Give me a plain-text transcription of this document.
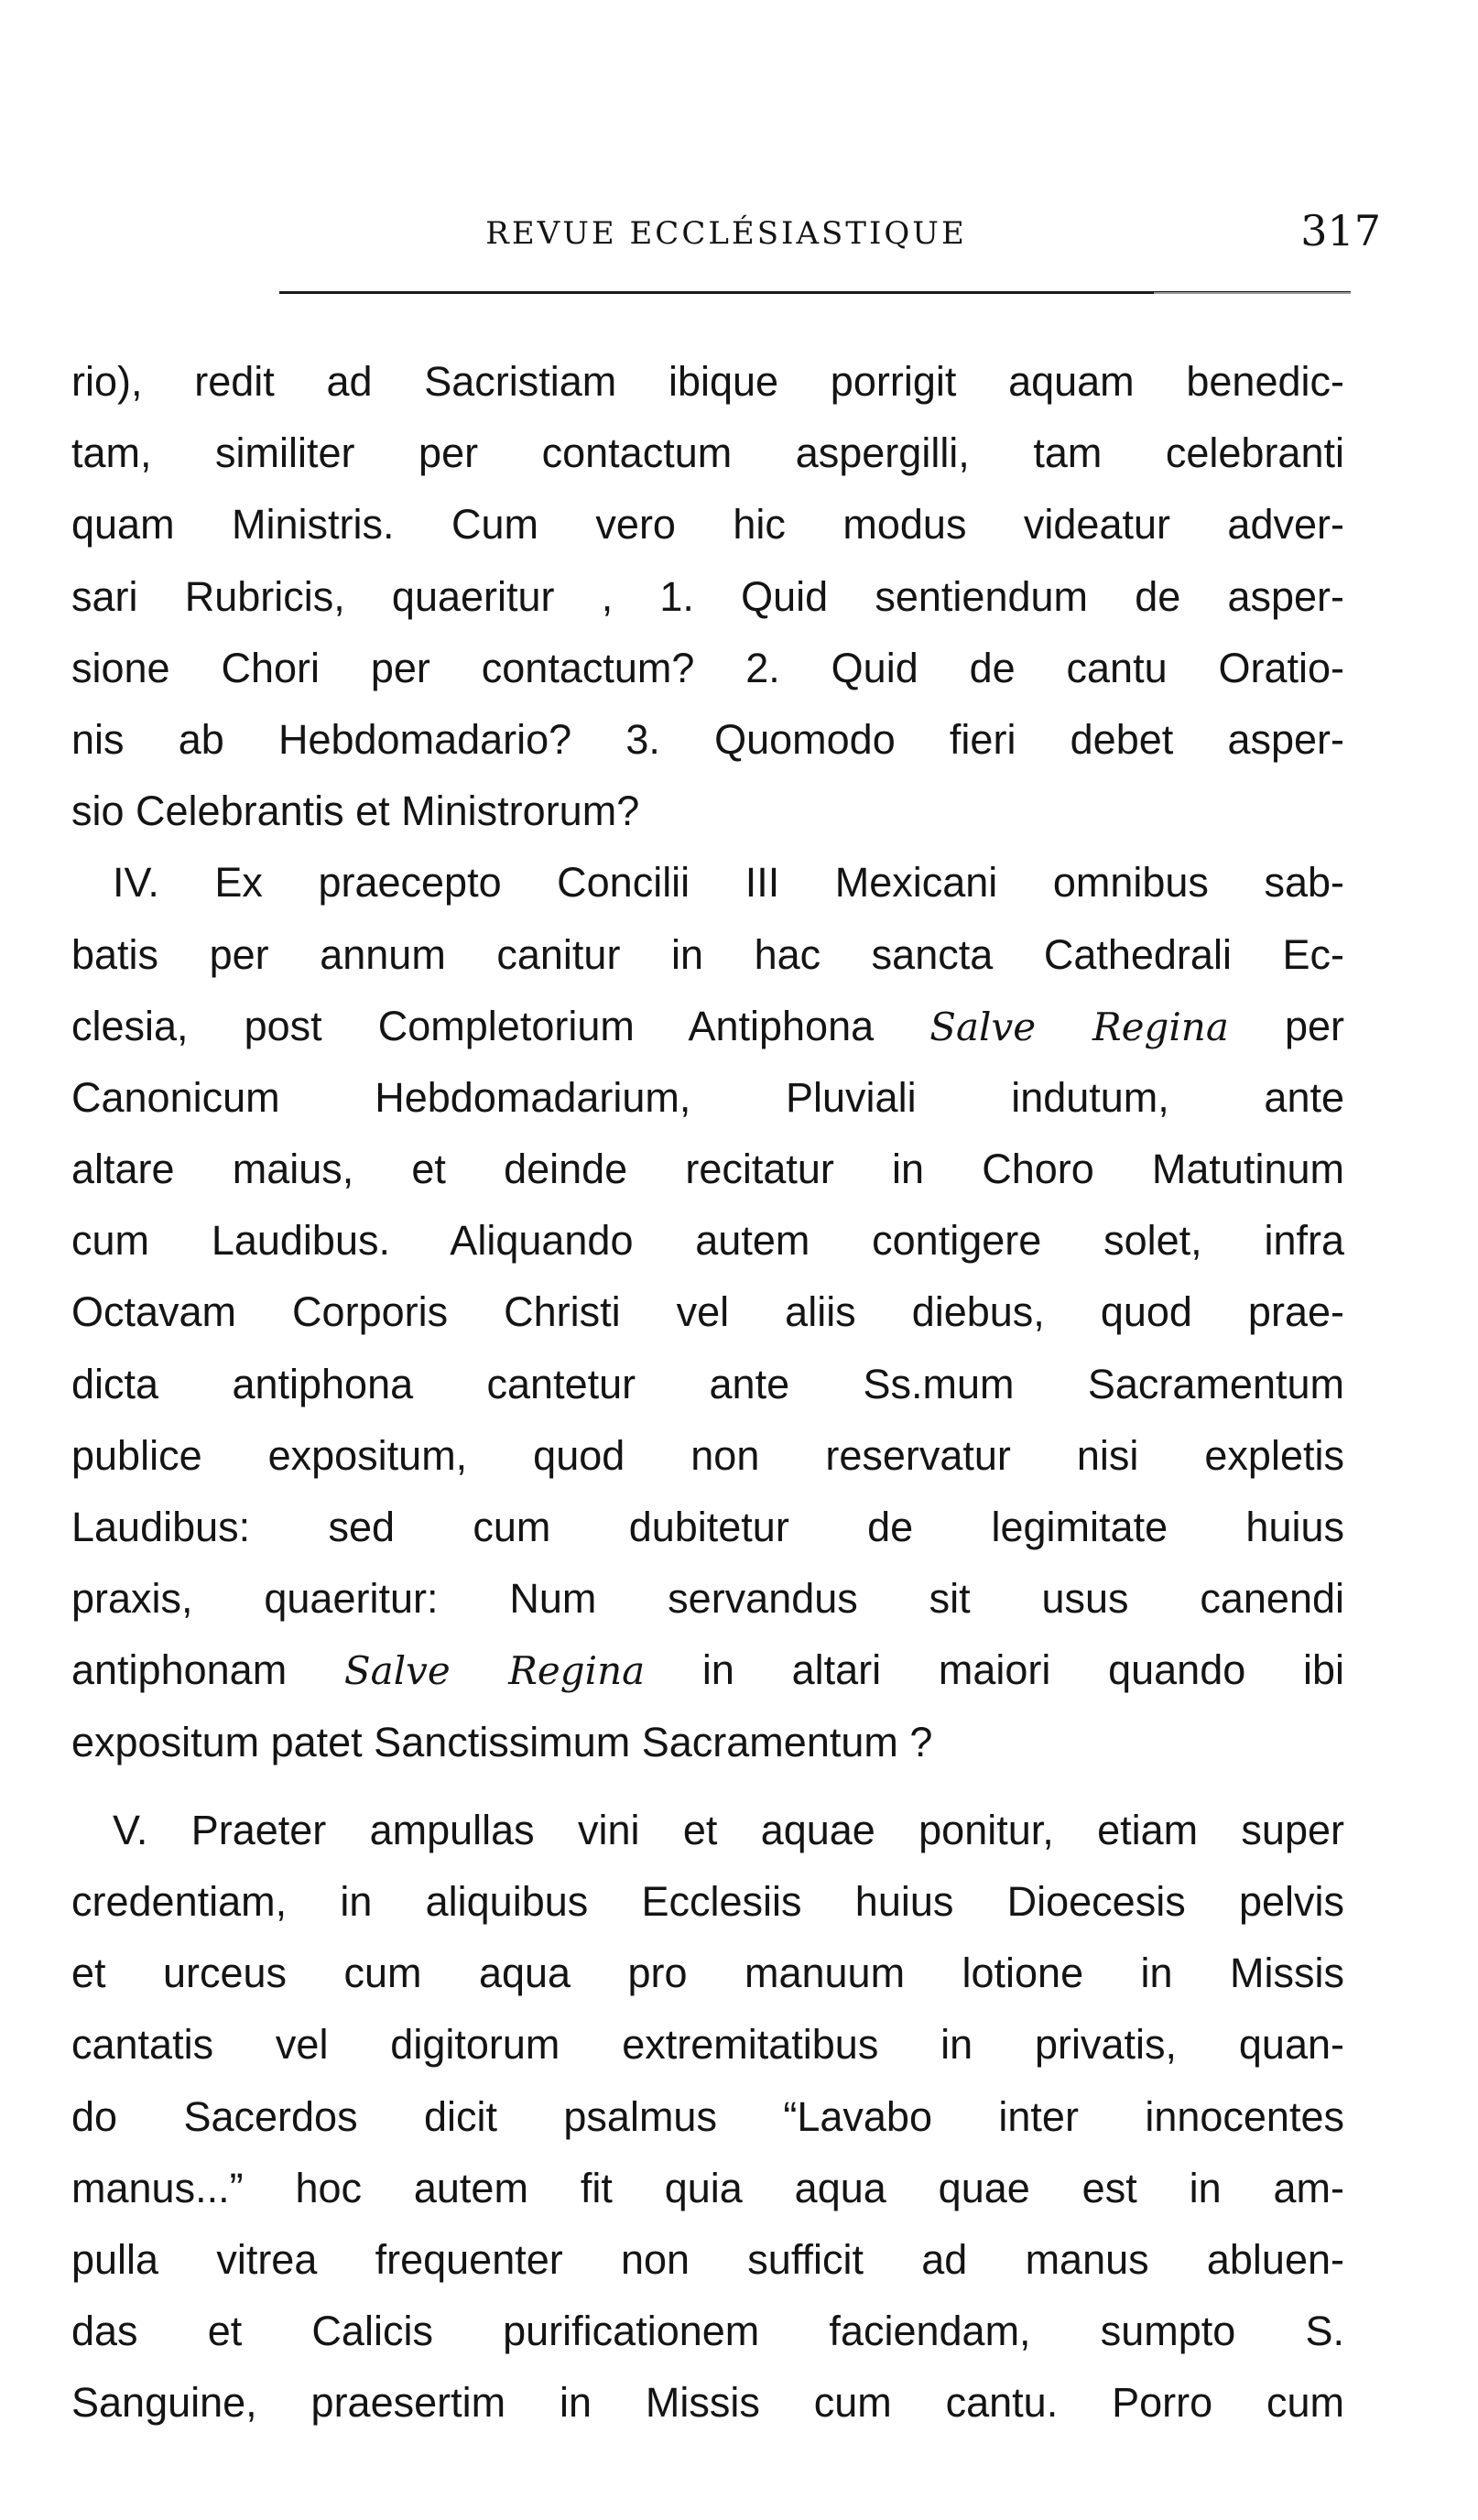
REVUE ECCLÉSIASTIQUE	317
rio), redit ad Sacristiam ibique porrigit aquam benedic-
tam, similiter per contactum aspergilli, tam celebranti
quam Ministris. Cum vero hic modus videatur adver-
sari Rubricis, quaeritur , 1. Quid sentiendum de asper-
sione Chori per contactum? 2. Quid de cantu Oratio-
nis ab Hebdomadario? 3. Quomodo fieri debet asper-
sio Celebrantis et Ministrorum?
IV. Ex praecepto Concilii III Mexicani omnibus sab-
batis per annum canitur in hac sancta Cathedrali Ec-
clesia, post Completorium Antiphona Salve Regina per
Canonicum Hebdomadarium, Pluviali indutum, ante
altare maius, et deinde recitatur in Choro Matutinum
cum Laudibus. Aliquando autem contigere solet, infra
Octavam Corporis Christi vel aliis diebus, quod prae-
dicta antiphona cantetur ante Ss.mum Sacramentum
publice expositum, quod non reservatur nisi expletis
Laudibus: sed cum dubitetur de legimitate huius
praxis, quaeritur: Num servandus sit usus canendi
antiphonam Salve Regina in altari maiori quando ibi
expositum patet Sanctissimum Sacramentum ?
V. Praeter ampullas vini et aquae ponitur, etiam super
credentiam, in aliquibus Ecclesiis huius Dioecesis pelvis
et urceus cum aqua pro manuum lotione in Missis
cantatis vel digitorum extremitatibus in privatis, quan-
do Sacerdos dicit psalmus “Lavabo inter innocentes
manus...” hoc autem fit quia aqua quae est in am-
pulla vitrea frequenter non sufficit ad manus abluen-
das et Calicis purificationem faciendam, sumpto S.
Sanguine, praesertim in Missis cum cantu. Porro cum
